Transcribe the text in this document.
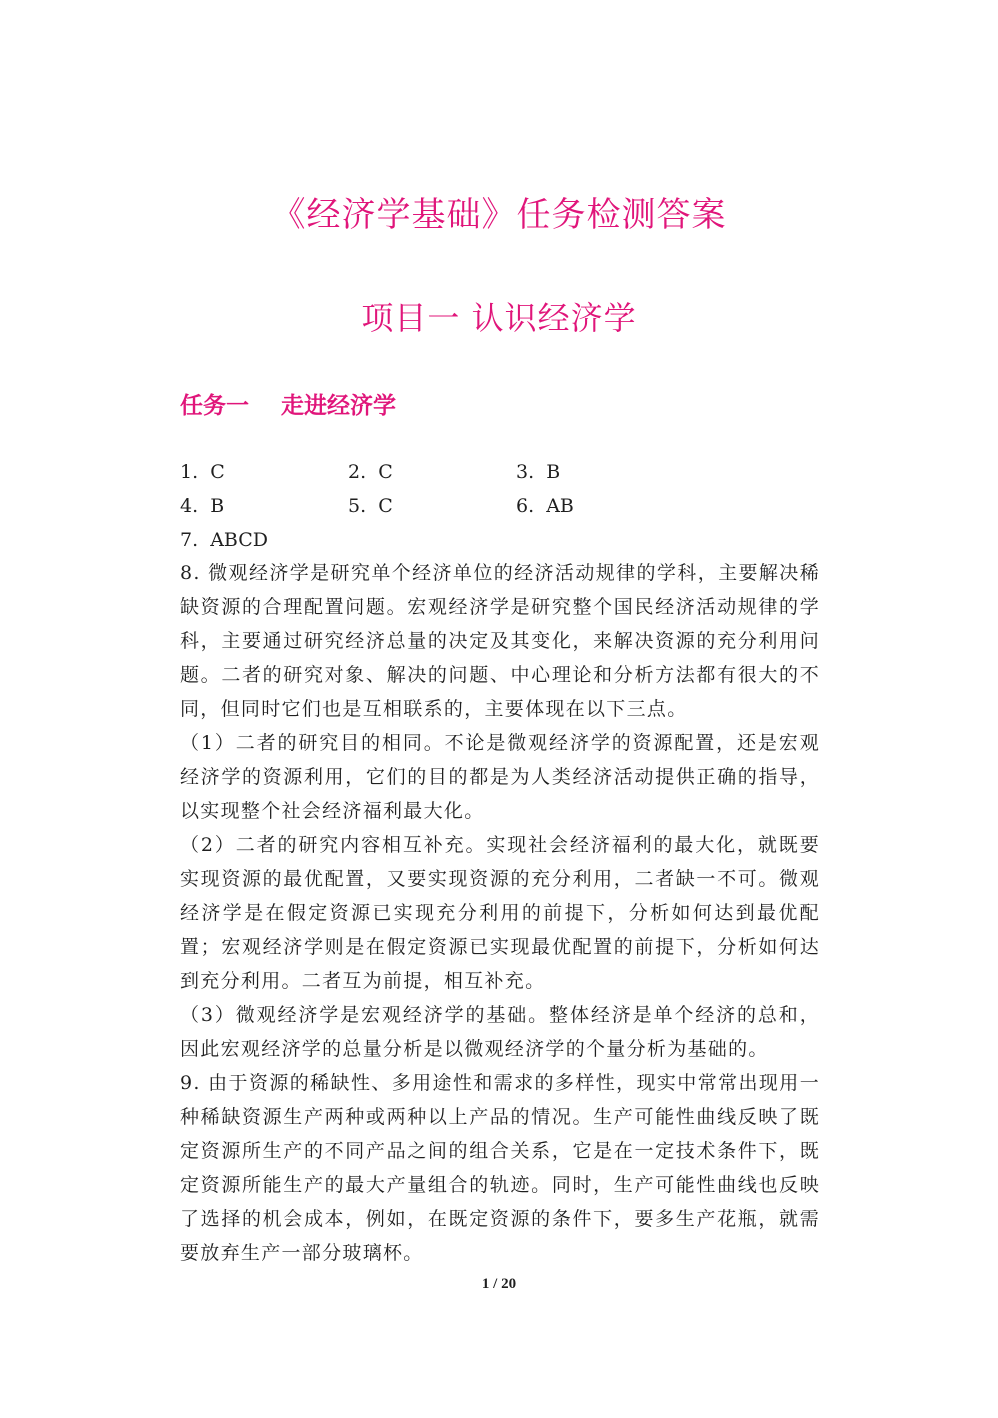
《经济学基础》任务检测答案
项目一 认识经济学
任务一    走进经济学
1.  C	2.  C	3.  B
4.  B	5.  C	6.  AB
7.  ABCD

8. 微观经济学是研究单个经济单位的经济活动规律的学科，主要解决稀缺资源的合理配置问题。宏观经济学是研究整个国民经济活动规律的学科，主要通过研究经济总量的决定及其变化，来解决资源的充分利用问题。二者的研究对象、解决的问题、中心理论和分析方法都有很大的不同，但同时它们也是互相联系的，主要体现在以下三点。

（1）二者的研究目的相同。不论是微观经济学的资源配置，还是宏观经济学的资源利用，它们的目的都是为人类经济活动提供正确的指导，以实现整个社会经济福利最大化。

（2）二者的研究内容相互补充。实现社会经济福利的最大化，就既要实现资源的最优配置，又要实现资源的充分利用，二者缺一不可。微观经济学是在假定资源已实现充分利用的前提下，分析如何达到最优配置；宏观经济学则是在假定资源已实现最优配置的前提下，分析如何达到充分利用。二者互为前提，相互补充。

（3）微观经济学是宏观经济学的基础。整体经济是单个经济的总和，因此宏观经济学的总量分析是以微观经济学的个量分析为基础的。

9. 由于资源的稀缺性、多用途性和需求的多样性，现实中常常出现用一种稀缺资源生产两种或两种以上产品的情况。生产可能性曲线反映了既定资源所生产的不同产品之间的组合关系，它是在一定技术条件下，既定资源所能生产的最大产量组合的轨迹。同时，生产可能性曲线也反映了选择的机会成本，例如，在既定资源的条件下，要多生产花瓶，就需要放弃生产一部分玻璃杯。

1 / 20
